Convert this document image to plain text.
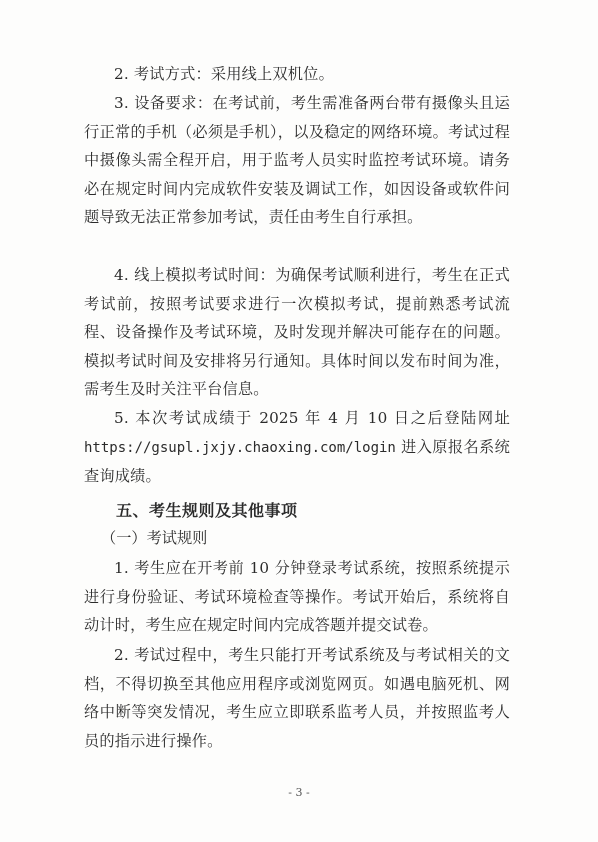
2. 考试方式：采用线上双机位。

3. 设备要求：在考试前，考生需准备两台带有摄像头且运行正常的手机（必须是手机），以及稳定的网络环境。考试过程中摄像头需全程开启，用于监考人员实时监控考试环境。请务必在规定时间内完成软件安装及调试工作，如因设备或软件问题导致无法正常参加考试，责任由考生自行承担。

4. 线上模拟考试时间：为确保考试顺利进行，考生在正式考试前，按照考试要求进行一次模拟考试，提前熟悉考试流程、设备操作及考试环境，及时发现并解决可能存在的问题。模拟考试时间及安排将另行通知。具体时间以发布时间为准，需考生及时关注平台信息。

5. 本次考试成绩于 2025 年 4 月 10 日之后登陆网址 https://gsupl.jxjy.chaoxing.com/login 进入原报名系统查询成绩。

五、考生规则及其他事项

（一）考试规则

1. 考生应在开考前 10 分钟登录考试系统，按照系统提示进行身份验证、考试环境检查等操作。考试开始后，系统将自动计时，考生应在规定时间内完成答题并提交试卷。

2. 考试过程中，考生只能打开考试系统及与考试相关的文档，不得切换至其他应用程序或浏览网页。如遇电脑死机、网络中断等突发情况，考生应立即联系监考人员，并按照监考人员的指示进行操作。

- 3 -
